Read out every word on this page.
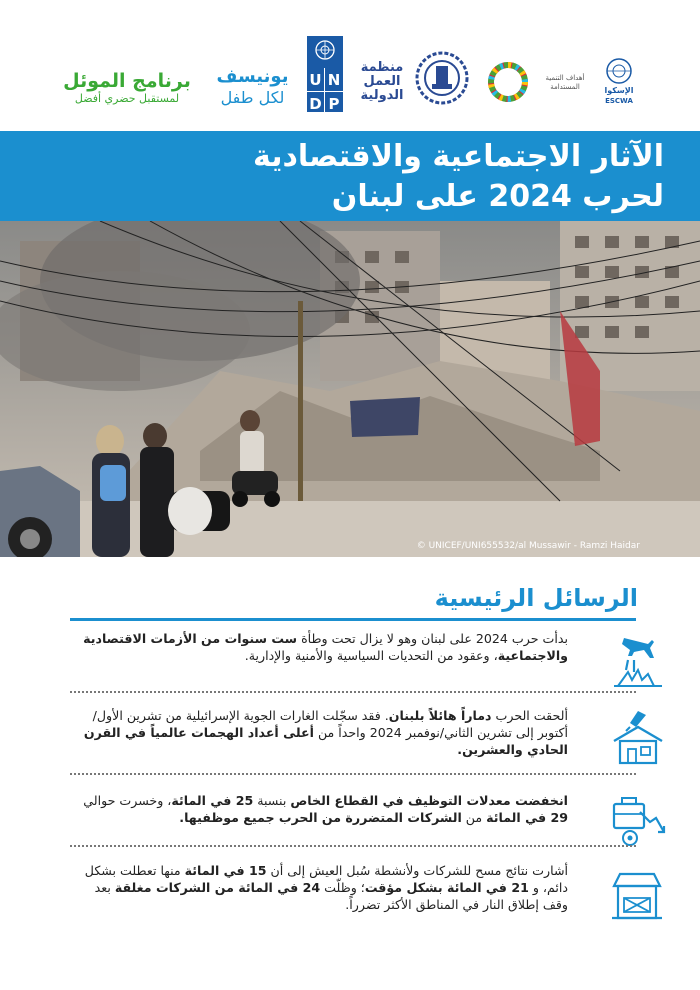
برنامج الموئل
لمستقبل حضري أفضل
يونيسف
لكل طفل
U N
D P
منظمة
العمل
الدولية
أهداف التنمية المستدامة	الإسكوا
ESCWA
الآثار الاجتماعية والاقتصادية
لحرب 2024 على لبنان
© UNICEF/UNI655532/al Mussawir - Ramzi Haidar
الرسائل الرئيسية
بدأت حرب 2024 على لبنان وهو لا يزال تحت وطأة ست سنوات من الأزمات الاقتصادية والاجتماعية، وعقود من التحديات السياسية والأمنية والإدارية.
ألحقت الحرب دماراً هائلاً بلبنان. فقد سجّلت الغارات الجوية الإسرائيلية من تشرين الأول/أكتوبر إلى تشرين الثاني/نوفمبر 2024 واحداً من أعلى أعداد الهجمات عالمياً في القرن الحادي والعشرين.
انخفضت معدلات التوظيف في القطاع الخاص بنسبة 25 في المائة، وخسرت حوالي 29 في المائة من الشركات المتضررة من الحرب جميع موظفيها.
أشارت نتائج مسح للشركات ولأنشطة سُبل العيش إلى أن 15 في المائة منها تعطلت بشكل دائم، و 21 في المائة بشكل مؤقت؛ وظلّت 24 في المائة من الشركات مغلقة بعد وقف إطلاق النار في المناطق الأكثر تضرراً.
